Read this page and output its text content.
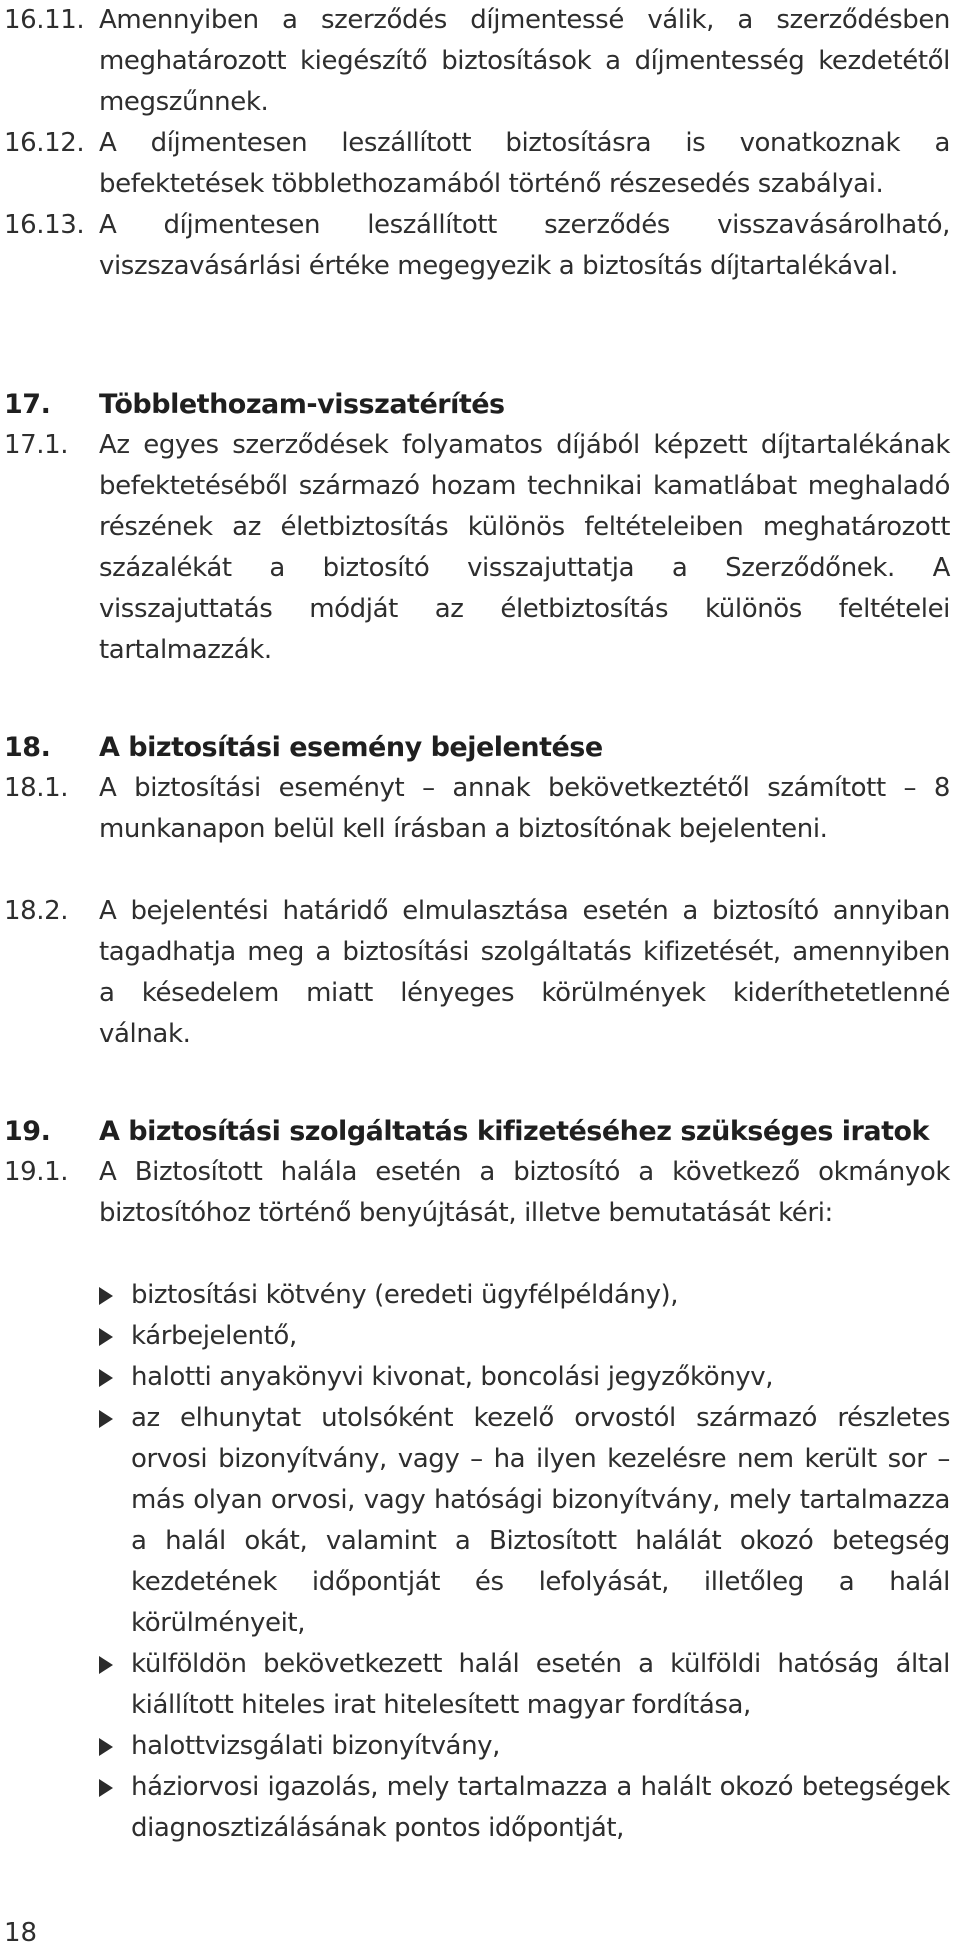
16.11. Amennyiben a szerződés díjmentessé válik, a szerződésben meghatározott kiegészítő biztosítások a díjmentesség kezdetétől megszűnnek.
16.12. A díjmentesen leszállított biztosításra is vonatkoznak a befektetések többlethozamából történő részesedés szabályai.
16.13. A díjmentesen leszállított szerződés visszavásárolható, viszszavásárlási értéke megegyezik a biztosítás díjtartalékával.
17. Többlethozam-visszatérítés
17.1. Az egyes szerződések folyamatos díjából képzett díjtartalékának befektetéséből származó hozam technikai kamatlábat meghaladó részének az életbiztosítás különös feltételeiben meghatározott százalékát a biztosító visszajuttatja a Szerződőnek. A visszajuttatás módját az életbiztosítás különös feltételei tartalmazzák.
18. A biztosítási esemény bejelentése
18.1. A biztosítási eseményt – annak bekövetkeztétől számított – 8 munkanapon belül kell írásban a biztosítónak bejelenteni.
18.2. A bejelentési határidő elmulasztása esetén a biztosító annyiban tagadhatja meg a biztosítási szolgáltatás kifizetését, amennyiben a késedelem miatt lényeges körülmények kideríthetetlenné válnak.
19. A biztosítási szolgáltatás kifizetéséhez szükséges iratok
19.1. A Biztosított halála esetén a biztosító a következő okmányok biztosítóhoz történő benyújtását, illetve bemutatását kéri:
biztosítási kötvény (eredeti ügyfélpéldány),
kárbejelentő,
halotti anyakönyvi kivonat, boncolási jegyzőkönyv,
az elhunytat utolsóként kezelő orvostól származó részletes orvosi bizonyítvány, vagy – ha ilyen kezelésre nem került sor – más olyan orvosi, vagy hatósági bizonyítvány, mely tartalmazza a halál okát, valamint a Biztosított halálát okozó betegség kezdetének időpontját és lefolyását, illetőleg a halál körülményeit,
külföldön bekövetkezett halál esetén a külföldi hatóság által kiállított hiteles irat hitelesített magyar fordítása,
halottvizsgálati bizonyítvány,
háziorvosi igazolás, mely tartalmazza a halált okozó betegségek diagnosztizálásának pontos időpontját,
18
